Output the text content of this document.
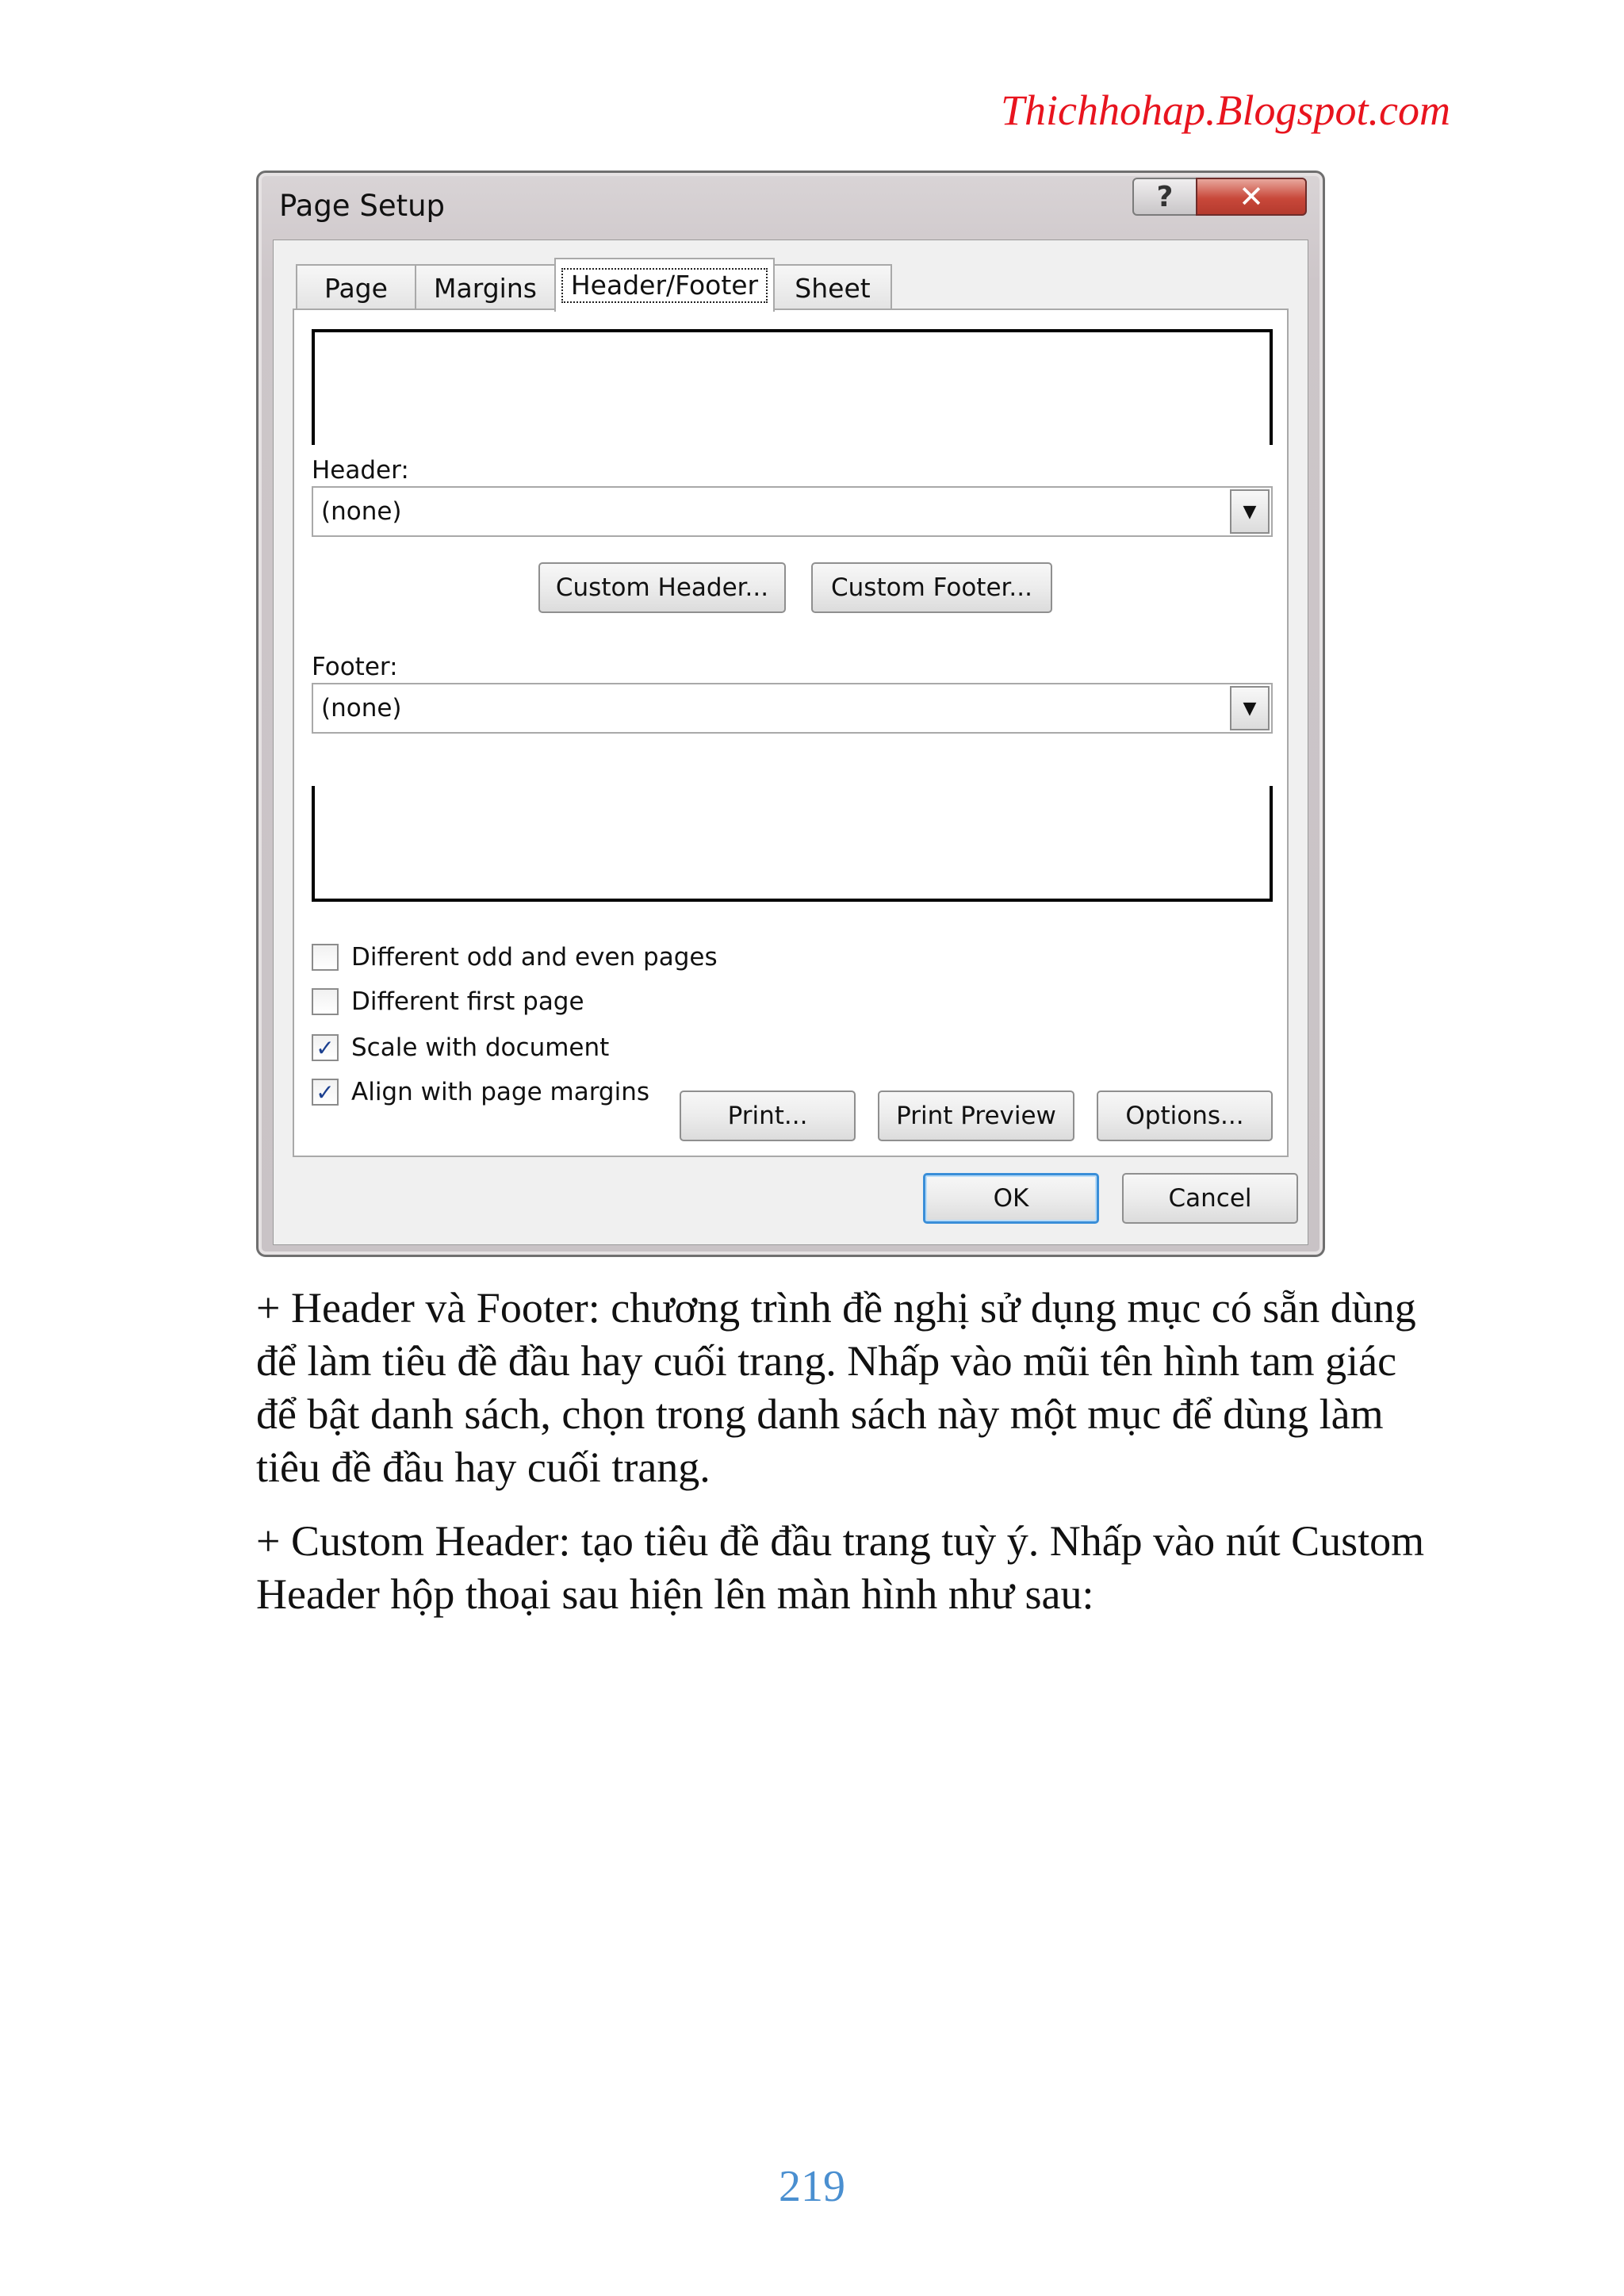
Thichhohap.Blogspot.com
Page Setup	? ✕
Page Margins	Header/Footer	Sheet
Header:
(none)	▼
Custom Header...	Custom Footer...
Footer:
(none)	▼
Different odd and even pages
Different first page
✓ Scale with document
✓ Align with page margins
Print...	Print Preview	Options...
OK	Cancel

+ Header và Footer: chương trình đề nghị sử dụng mục có sẵn dùng để làm tiêu đề đầu hay cuối trang. Nhấp vào mũi tên hình tam giác để bật danh sách, chọn trong danh sách này một mục để dùng làm tiêu đề đầu hay cuối trang.

+ Custom Header: tạo tiêu đề đầu trang tuỳ ý. Nhấp vào nút Custom Header hộp thoại sau hiện lên màn hình như sau:

219
